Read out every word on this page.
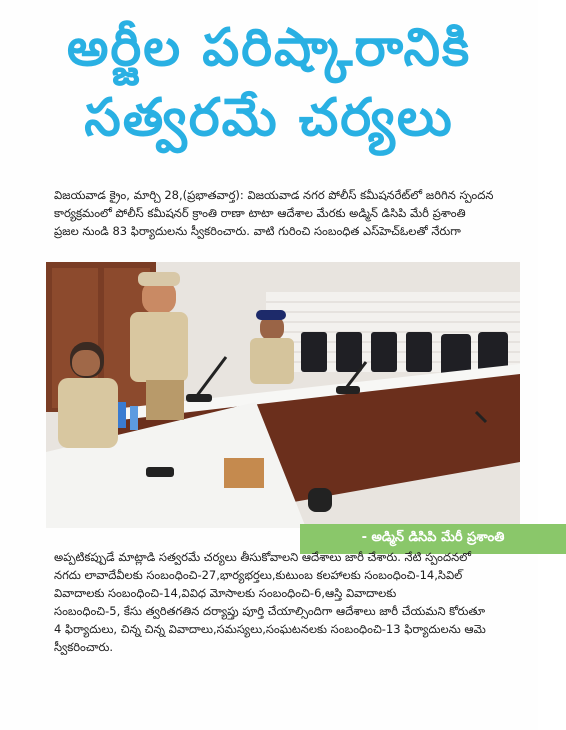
అర్జీల పరిష్కారానికి
సత్వరమే చర్యలు

విజయవాడ క్రైం, మార్చి 28,(ప్రభాతవార్త): విజయవాడ నగర పోలీస్ కమీషనరేట్‌లో జరిగిన స్పందన

కార్యక్రమంలో పోలీస్ కమీషనర్ క్రాంతి రాణా టాటా ఆదేశాల మేరకు అడ్మిన్ డిసిపి మేరీ ప్రశాంతి

ప్రజల నుండి 83 ఫిర్యాదులను స్వీకరించారు. వాటి గురించి సంబంధిత ఎస్‌హెచ్‌ఓలతో నేరుగా

- అడ్మిన్ డిసిపి మేరీ ప్రశాంతి

అప్పటికప్పుడే మాట్లాడి సత్వరమే చర్యలు తీసుకోవాలని ఆదేశాలు జారీ చేశారు. నేటి స్పందనలో

నగదు లావాదేవీలకు సంబంధించి-27,భార్యభర్తలు,కుటుంబ కలహాలకు సంబంధించి-14,సివిల్

వివాదాలకు సంబంధించి-14,వివిధ మోసాలకు సంబంధించి-6,ఆస్తి వివాదాలకు

సంబంధించి-5, కేసు త్వరితగతిన దర్యాప్తు పూర్తి చేయాల్సిందిగా ఆదేశాలు జారీ చేయమని కోరుతూ

4 ఫిర్యాదులు, చిన్న చిన్న వివాదాలు,సమస్యలు,సంఘటనలకు సంబంధించి-13 ఫిర్యాదులను ఆమె

స్వీకరించారు.
